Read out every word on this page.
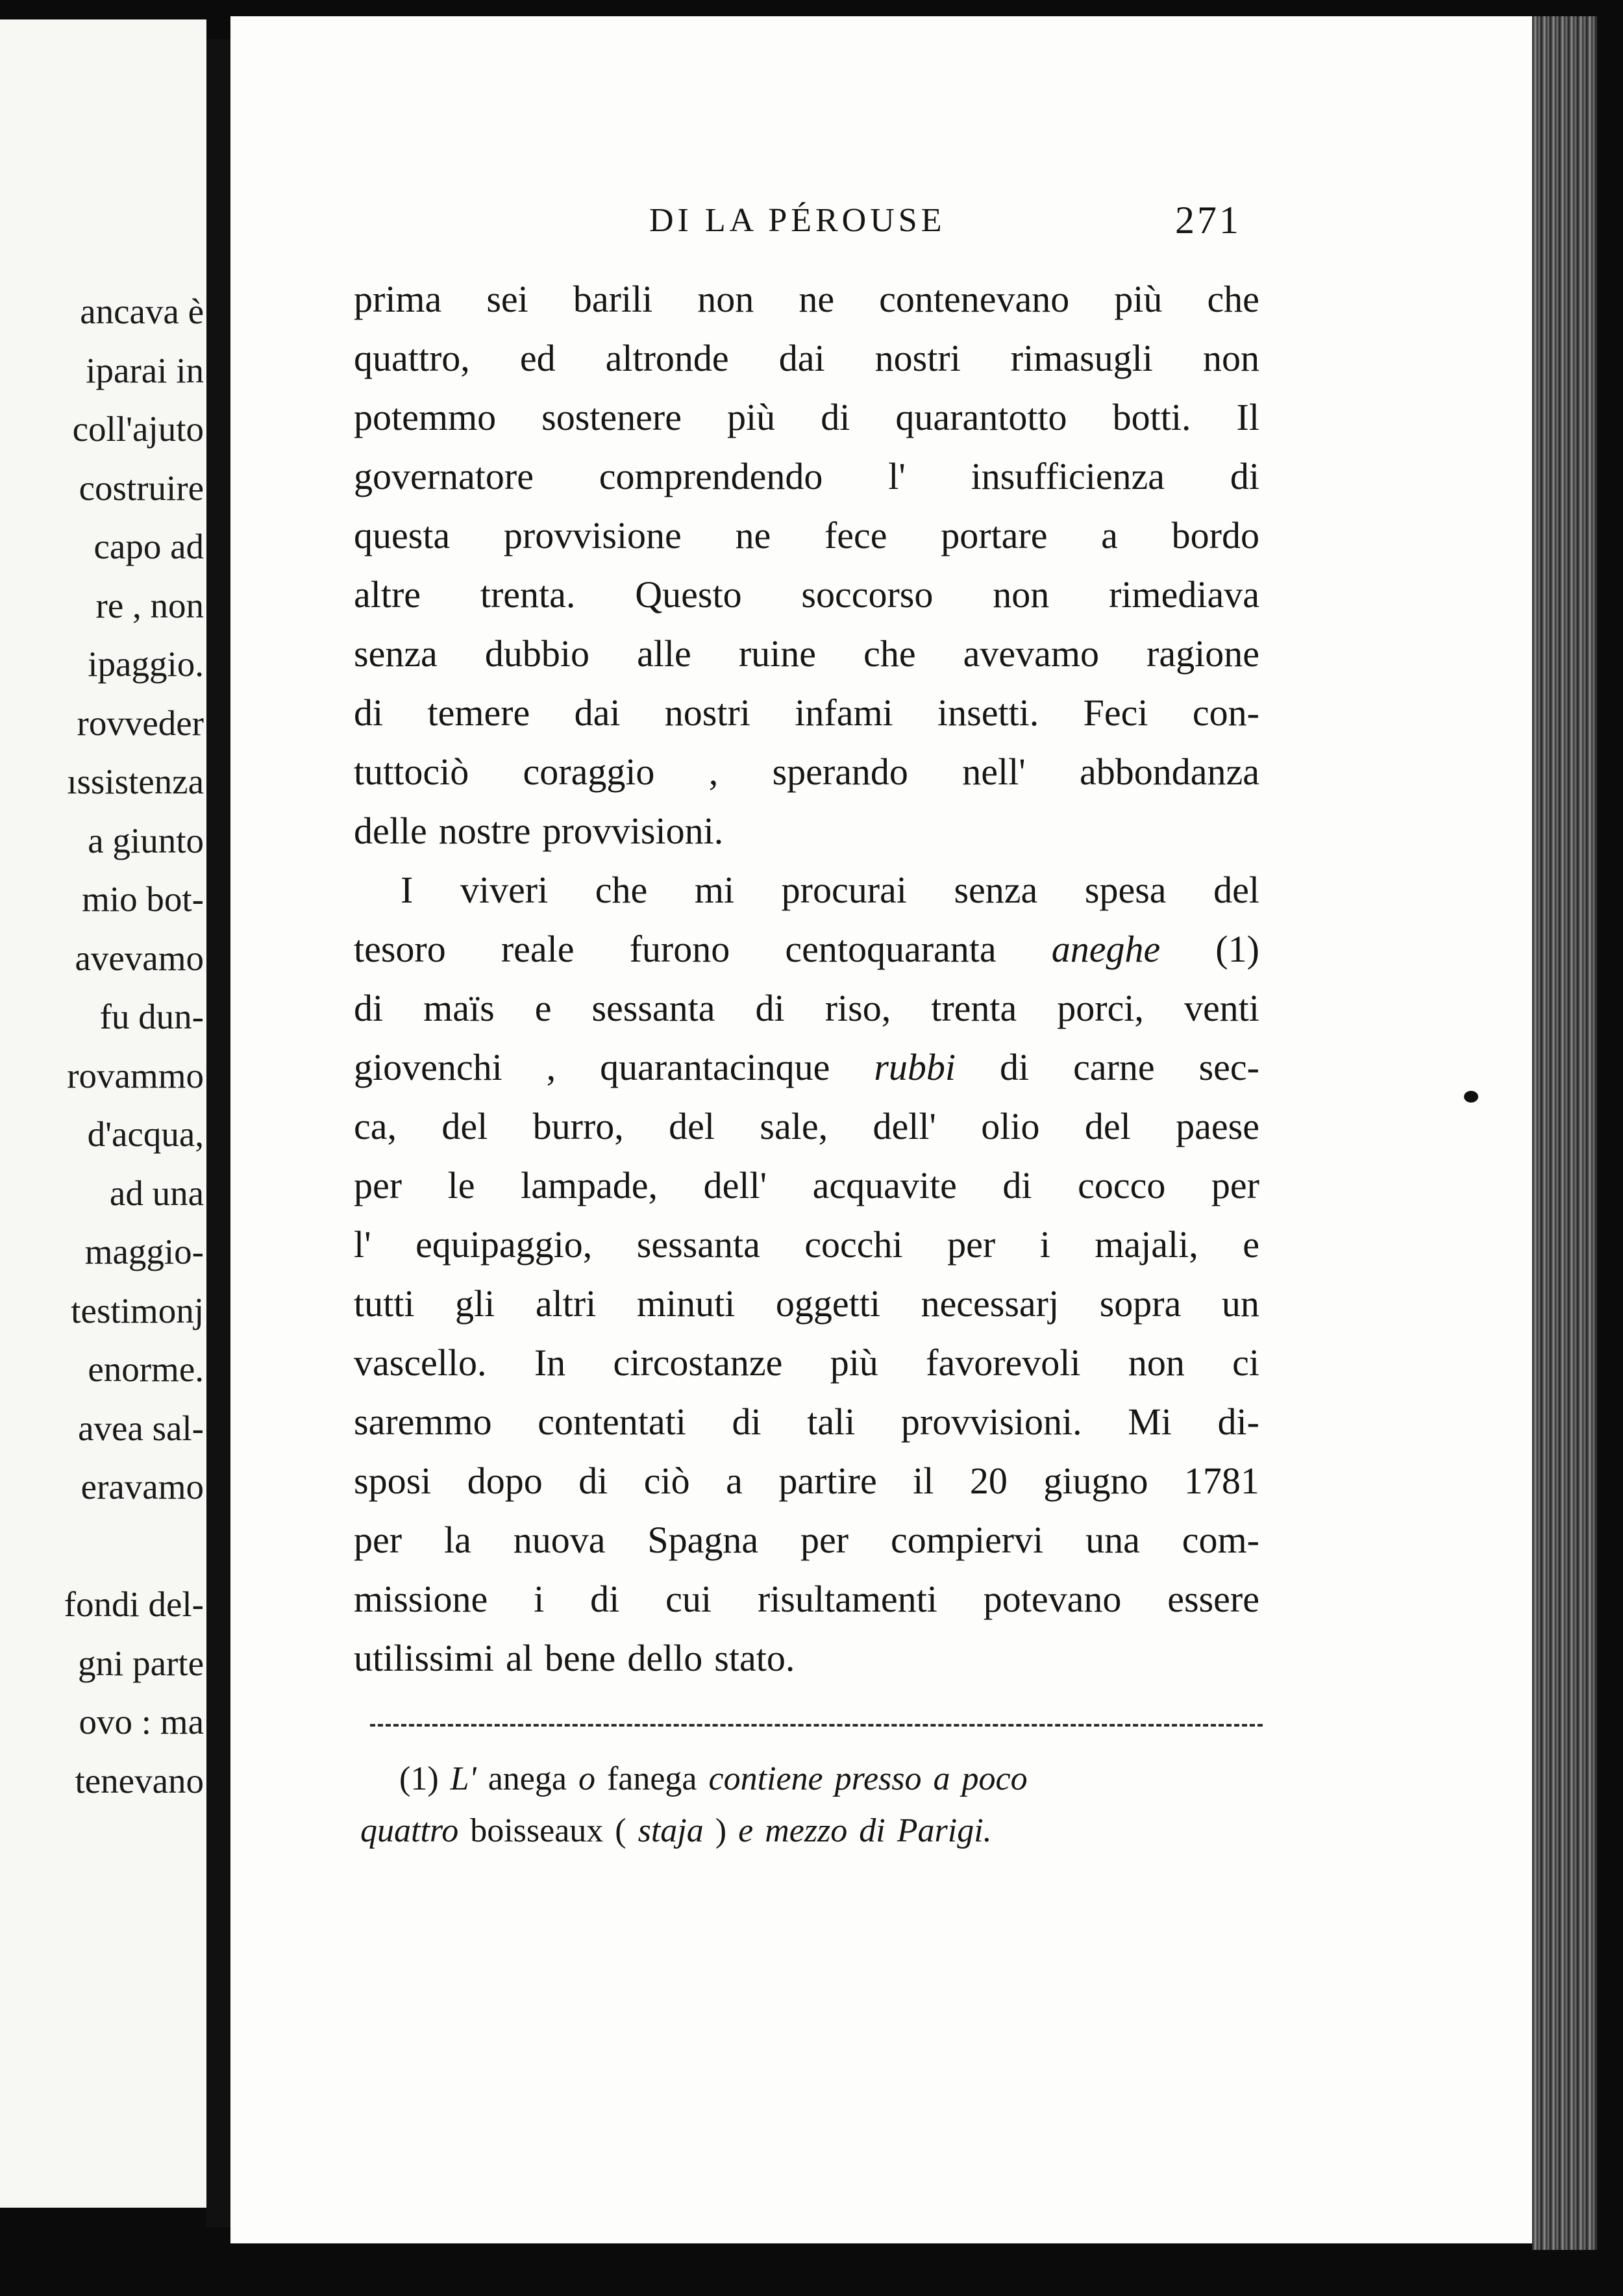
ancava è
iparai in
coll'ajuto
costruire
capo ad
re , non
ipaggio.
rovveder
ıssistenza
a giunto
mio bot-
avevamo
fu dun-
rovammo
d'acqua,
ad una
maggio-
testimonj
enorme.
avea sal-
eravamo
fondi del-
gni parte
ovo : ma
tenevano
DI LA PÉROUSE	271
prima sei barili non ne contenevano più che
quattro, ed altronde dai nostri rimasugli non
potemmo sostenere più di quarantotto botti. Il
governatore comprendendo l' insufficienza di
questa provvisione ne fece portare a bordo
altre trenta. Questo soccorso non rimediava
senza dubbio alle ruine che avevamo ragione
di temere dai nostri infami insetti. Feci con-
tuttociò coraggio , sperando nell' abbondanza
delle nostre provvisioni.
I viveri che mi procurai senza spesa del
tesoro reale furono centoquaranta aneghe (1)
di maïs e sessanta di riso, trenta porci, venti
giovenchi , quarantacinque rubbi di carne sec-
ca, del burro, del sale, dell' olio del paese
per le lampade, dell' acquavite di cocco per
l' equipaggio, sessanta cocchi per i majali, e
tutti gli altri minuti oggetti necessarj sopra un
vascello. In circostanze più favorevoli non ci
saremmo contentati di tali provvisioni. Mi di-
sposi dopo di ciò a partire il 20 giugno 1781
per la nuova Spagna per compiervi una com-
missione i di cui risultamenti potevano essere
utilissimi al bene dello stato.
(1) L' anega o fanega contiene presso a poco
quattro boisseaux ( staja ) e mezzo di Parigi.
